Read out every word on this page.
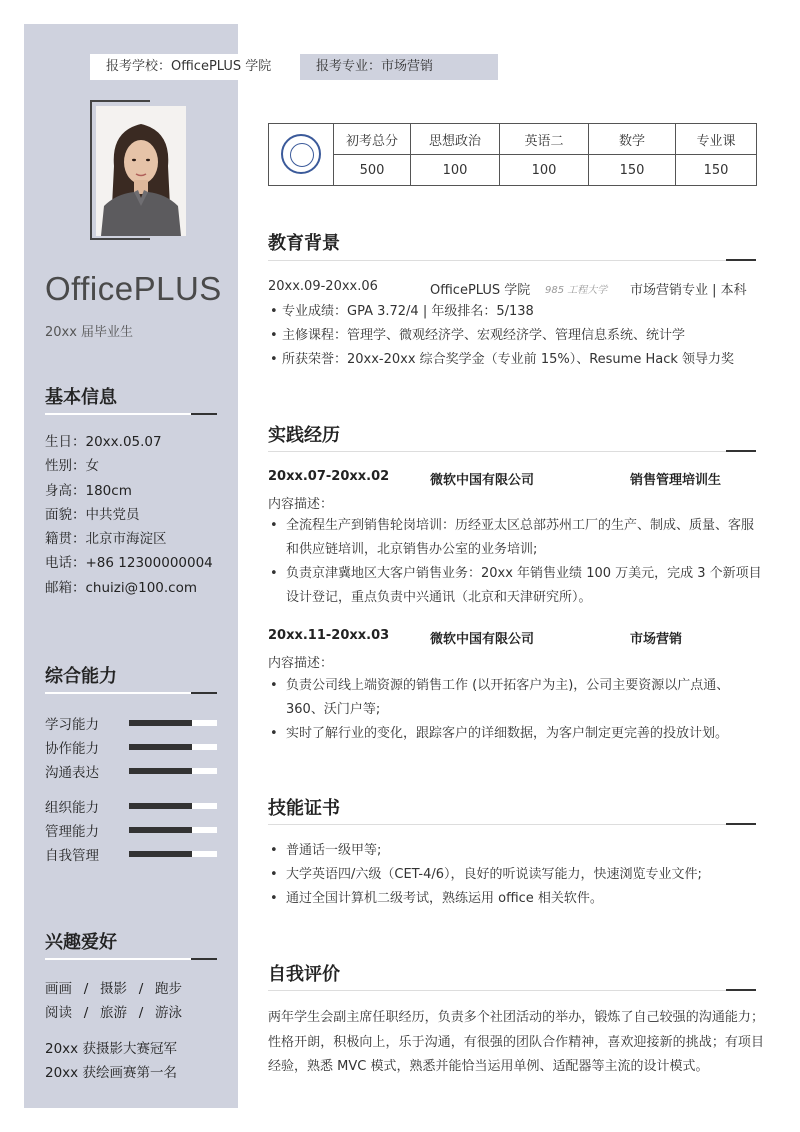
报考学校：OfficePLUS 学院	报考专业：市场营销
OfficePLUS
20xx 届毕业生
基本信息
生日：20xx.05.07
性别：女
身高：180cm
面貌：中共党员
籍贯：北京市海淀区
电话：+86 12300000004
邮箱：chuizi@100.com
综合能力
学习能力
协作能力
沟通表达
组织能力
管理能力
自我管理
兴趣爱好
画画 / 摄影 / 跑步
阅读 / 旅游 / 游泳
20xx 获摄影大赛冠军
20xx 获绘画赛第一名
	初考总分	思想政治	英语二	数学	专业课
	500	100	100	150	150
教育背景
20xx.09-20xx.06	OfficePLUS 学院 985 工程大学 市场营销专业 | 本科
• 专业成绩：GPA 3.72/4 | 年级排名：5/138
• 主修课程：管理学、微观经济学、宏观经济学、管理信息系统、统计学
• 所获荣誉：20xx-20xx 综合奖学金（专业前 15%）、Resume Hack 领导力奖
实践经历
20xx.07-20xx.02	微软中国有限公司	销售管理培训生
内容描述：
• 全流程生产到销售轮岗培训：历经亚太区总部苏州工厂的生产、制成、质量、客服和供应链培训，北京销售办公室的业务培训;
• 负责京津冀地区大客户销售业务：20xx 年销售业绩 100 万美元，完成 3 个新项目设计登记，重点负责中兴通讯（北京和天津研究所）。
20xx.11-20xx.03	微软中国有限公司	市场营销
内容描述：
• 负责公司线上端资源的销售工作 (以开拓客户为主)，公司主要资源以广点通、360、沃门户等;
• 实时了解行业的变化，跟踪客户的详细数据，为客户制定更完善的投放计划。
技能证书
• 普通话一级甲等;
• 大学英语四/六级（CET-4/6），良好的听说读写能力，快速浏览专业文件;
• 通过全国计算机二级考试，熟练运用 office 相关软件。
自我评价
两年学生会副主席任职经历，负责多个社团活动的举办，锻炼了自己较强的沟通能力；性格开朗，积极向上，乐于沟通，有很强的团队合作精神，喜欢迎接新的挑战；有项目经验，熟悉 MVC 模式，熟悉并能恰当运用单例、适配器等主流的设计模式。
